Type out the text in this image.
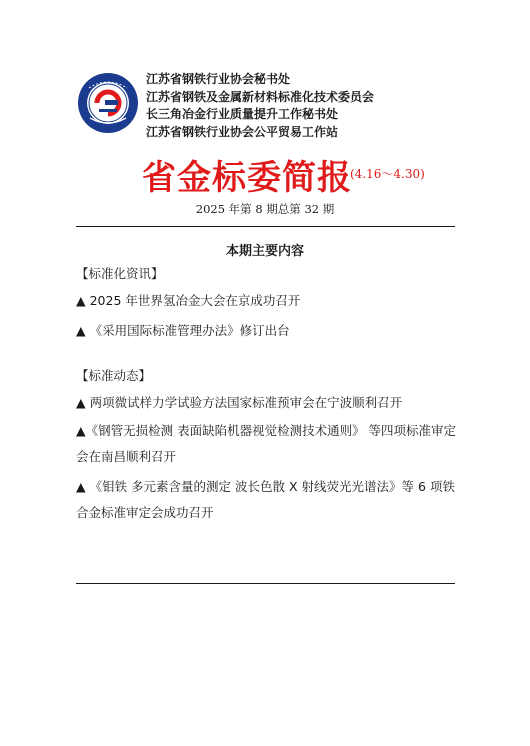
江苏省钢铁行业协会秘书处
江苏省钢铁及金属新材料标准化技术委员会
长三角冶金行业质量提升工作秘书处
江苏省钢铁行业协会公平贸易工作站
省金标委简报
(4.16～4.30)
2025 年第 8 期总第 32 期
本期主要内容
【标准化资讯】
▲ 2025 年世界氢冶金大会在京成功召开
▲ 《采用国际标准管理办法》修订出台
【标准动态】
▲ 两项微试样力学试验方法国家标准预审会在宁波顺利召开
▲《钢管无损检测 表面缺陷机器视觉检测技术通则》 等四项标准审定会在南昌顺利召开
▲ 《钼铁 多元素含量的测定 波长色散 X 射线荧光光谱法》等 6 项铁合金标准审定会成功召开
